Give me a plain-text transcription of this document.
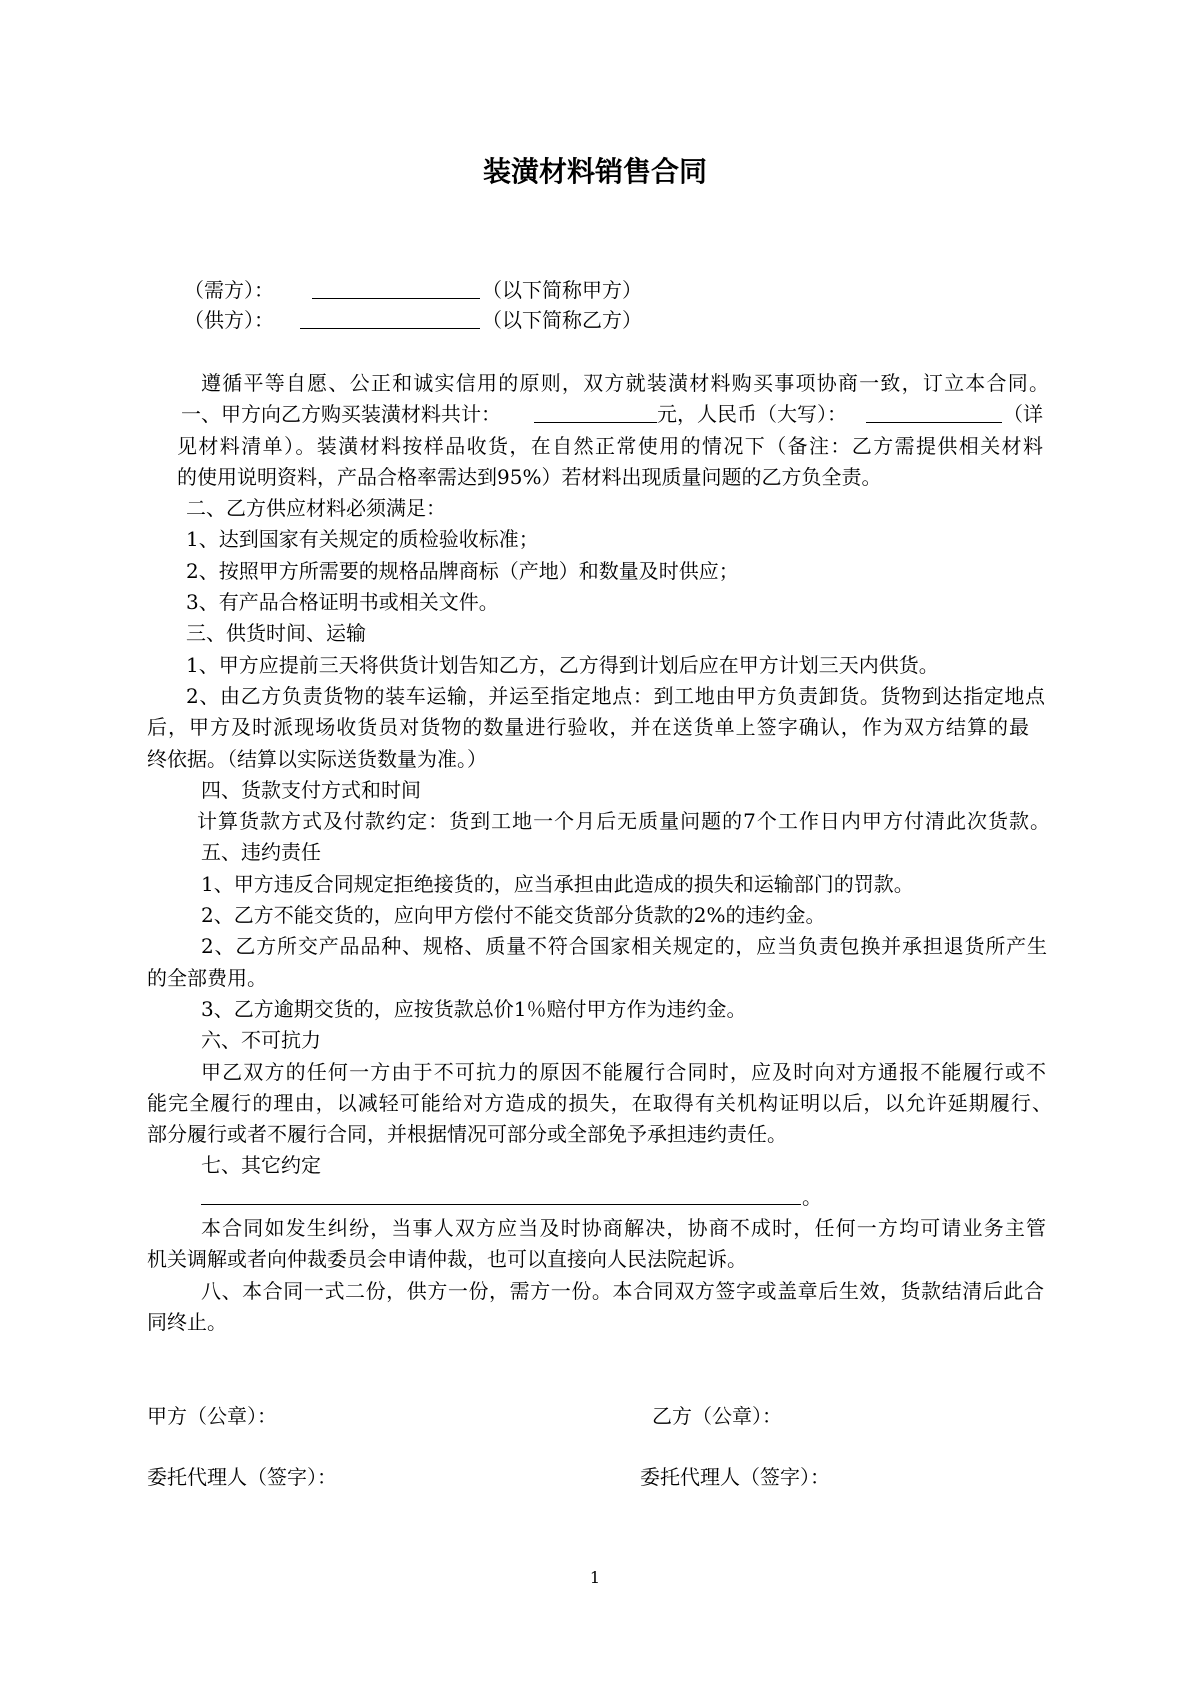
装潢材料销售合同
（需方）：	（以下简称甲方）
（供方）：	（以下简称乙方）
遵循平等自愿、公正和诚实信用的原则，双方就装潢材料购买事项协商一致，订立本合同。
一、甲方向乙方购买装潢材料共计：	元，人民币（大写）：	（详
见材料清单）。装潢材料按样品收货，在自然正常使用的情况下（备注：乙方需提供相关材料
的使用说明资料，产品合格率需达到95%）若材料出现质量问题的乙方负全责。
二、乙方供应材料必须满足：
1、达到国家有关规定的质检验收标准；
2、按照甲方所需要的规格品牌商标（产地）和数量及时供应；
3、有产品合格证明书或相关文件。
三、供货时间、运输
1、甲方应提前三天将供货计划告知乙方，乙方得到计划后应在甲方计划三天内供货。
2、由乙方负责货物的装车运输，并运至指定地点：到工地由甲方负责卸货。货物到达指定地点
后，甲方及时派现场收货员对货物的数量进行验收，并在送货单上签字确认，作为双方结算的最
终依据。（结算以实际送货数量为准。）
四、货款支付方式和时间
计算货款方式及付款约定：货到工地一个月后无质量问题的7个工作日内甲方付清此次货款。
五、违约责任
1、甲方违反合同规定拒绝接货的，应当承担由此造成的损失和运输部门的罚款。
2、乙方不能交货的，应向甲方偿付不能交货部分货款的2%的违约金。
2、乙方所交产品品种、规格、质量不符合国家相关规定的，应当负责包换并承担退货所产生
的全部费用。
3、乙方逾期交货的，应按货款总价1％赔付甲方作为违约金。
六、不可抗力
甲乙双方的任何一方由于不可抗力的原因不能履行合同时，应及时向对方通报不能履行或不
能完全履行的理由，以减轻可能给对方造成的损失，在取得有关机构证明以后，以允许延期履行、
部分履行或者不履行合同，并根据情况可部分或全部免予承担违约责任。
七、其它约定
。
本合同如发生纠纷，当事人双方应当及时协商解决，协商不成时，任何一方均可请业务主管
机关调解或者向仲裁委员会申请仲裁，也可以直接向人民法院起诉。
八、本合同一式二份，供方一份，需方一份。本合同双方签字或盖章后生效，货款结清后此合
同终止。
甲方（公章）：	乙方（公章）：
委托代理人（签字）：	委托代理人（签字）：
1
